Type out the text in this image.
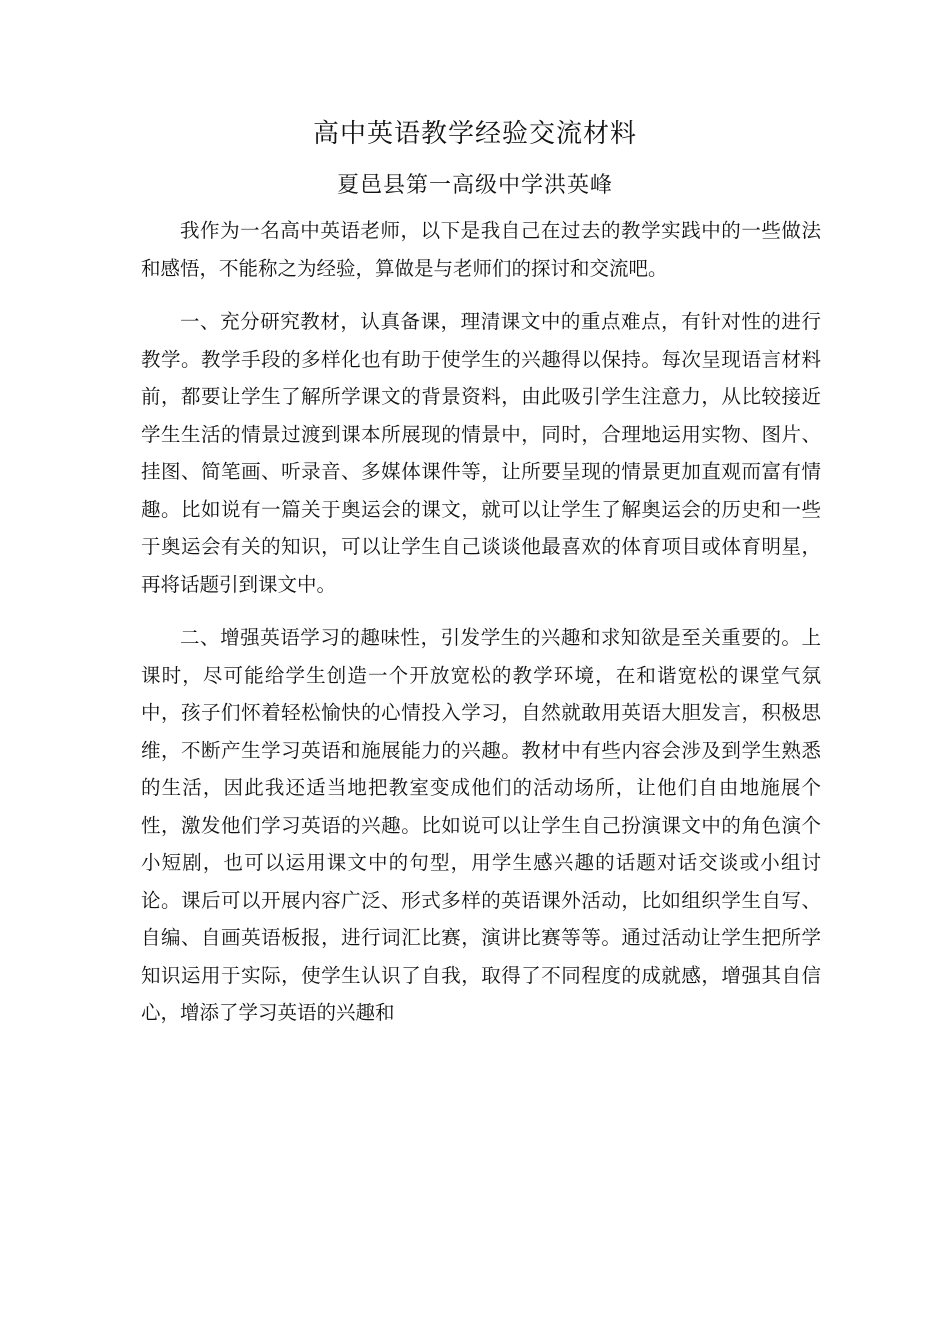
高中英语教学经验交流材料
夏邑县第一高级中学洪英峰

我作为一名高中英语老师，以下是我自己在过去的教学实践中的一些做法和感悟，不能称之为经验，算做是与老师们的探讨和交流吧。

一、充分研究教材，认真备课，理清课文中的重点难点，有针对性的进行教学。教学手段的多样化也有助于使学生的兴趣得以保持。每次呈现语言材料前，都要让学生了解所学课文的背景资料，由此吸引学生注意力，从比较接近学生生活的情景过渡到课本所展现的情景中，同时，合理地运用实物、图片、挂图、简笔画、听录音、多媒体课件等，让所要呈现的情景更加直观而富有情趣。比如说有一篇关于奥运会的课文，就可以让学生了解奥运会的历史和一些于奥运会有关的知识，可以让学生自己谈谈他最喜欢的体育项目或体育明星，再将话题引到课文中。

二、增强英语学习的趣味性，引发学生的兴趣和求知欲是至关重要的。上课时，尽可能给学生创造一个开放宽松的教学环境，在和谐宽松的课堂气氛中，孩子们怀着轻松愉快的心情投入学习，自然就敢用英语大胆发言，积极思维，不断产生学习英语和施展能力的兴趣。教材中有些内容会涉及到学生熟悉的生活，因此我还适当地把教室变成他们的活动场所，让他们自由地施展个性，激发他们学习英语的兴趣。比如说可以让学生自己扮演课文中的角色演个小短剧，也可以运用课文中的句型，用学生感兴趣的话题对话交谈或小组讨论。课后可以开展内容广泛、形式多样的英语课外活动，比如组织学生自写、自编、自画英语板报，进行词汇比赛，演讲比赛等等。通过活动让学生把所学知识运用于实际，使学生认识了自我，取得了不同程度的成就感，增强其自信心，增添了学习英语的兴趣和
